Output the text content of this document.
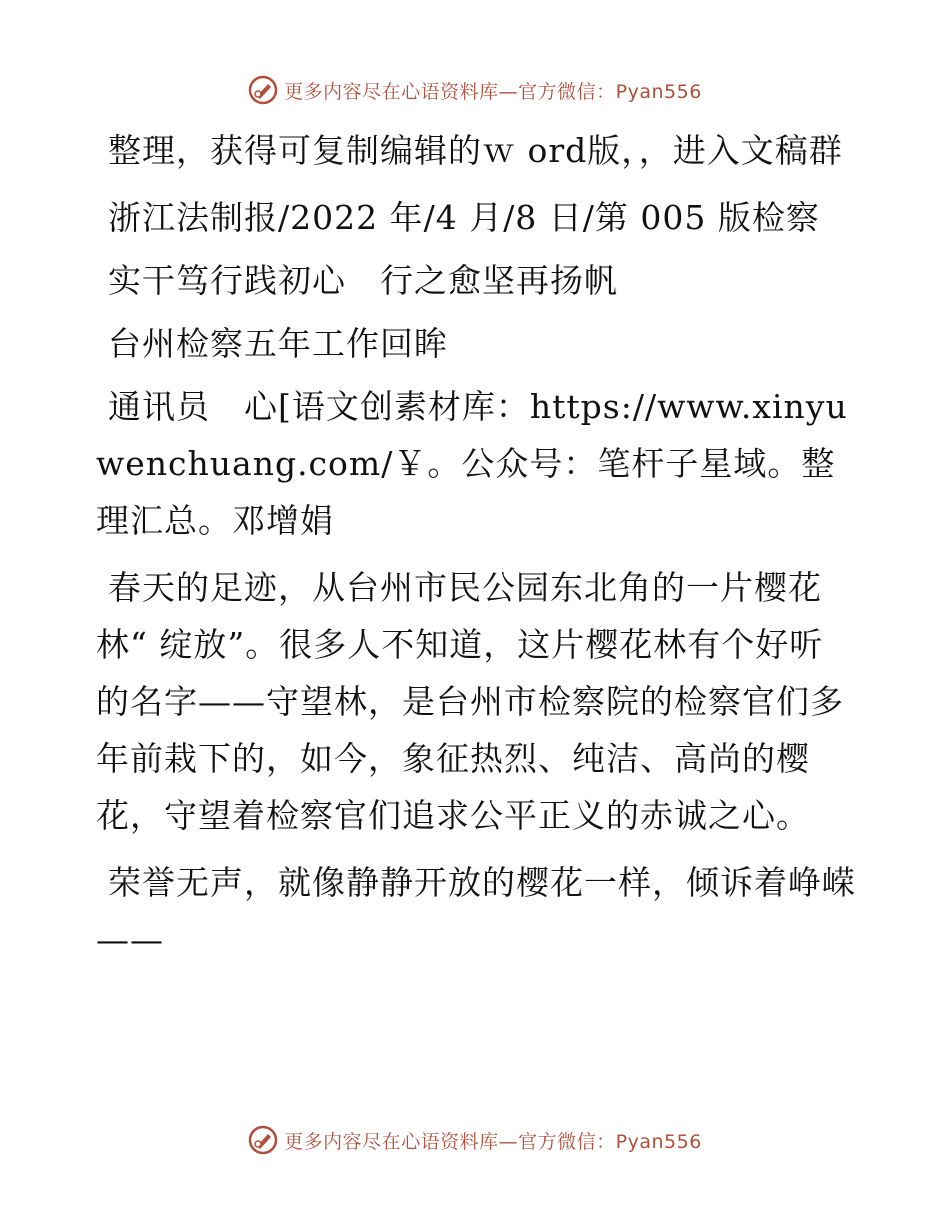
更多内容尽在心语资料库—官方微信：Pyan556

整理，获得可复制编辑的ｗ ord版，，进入文稿群

浙江法制报/2022 年/4 月/8 日/第 005 版检察

实干笃行践初心　行之愈坚再扬帆

台州检察五年工作回眸

通讯员　心[语文创素材库：https://www.xinyuwenchuang.com/￥。公众号：笔杆子星域。整理汇总。邓增娟

春天的足迹，从台州市民公园东北角的一片樱花林“ 绽放”。很多人不知道，这片樱花林有个好听的名字——守望林，是台州市检察院的检察官们多年前栽下的，如今，象征热烈、纯洁、高尚的樱花，守望着检察官们追求公平正义的赤诚之心。

荣誉无声，就像静静开放的樱花一样，倾诉着峥嵘——

更多内容尽在心语资料库—官方微信：Pyan556
